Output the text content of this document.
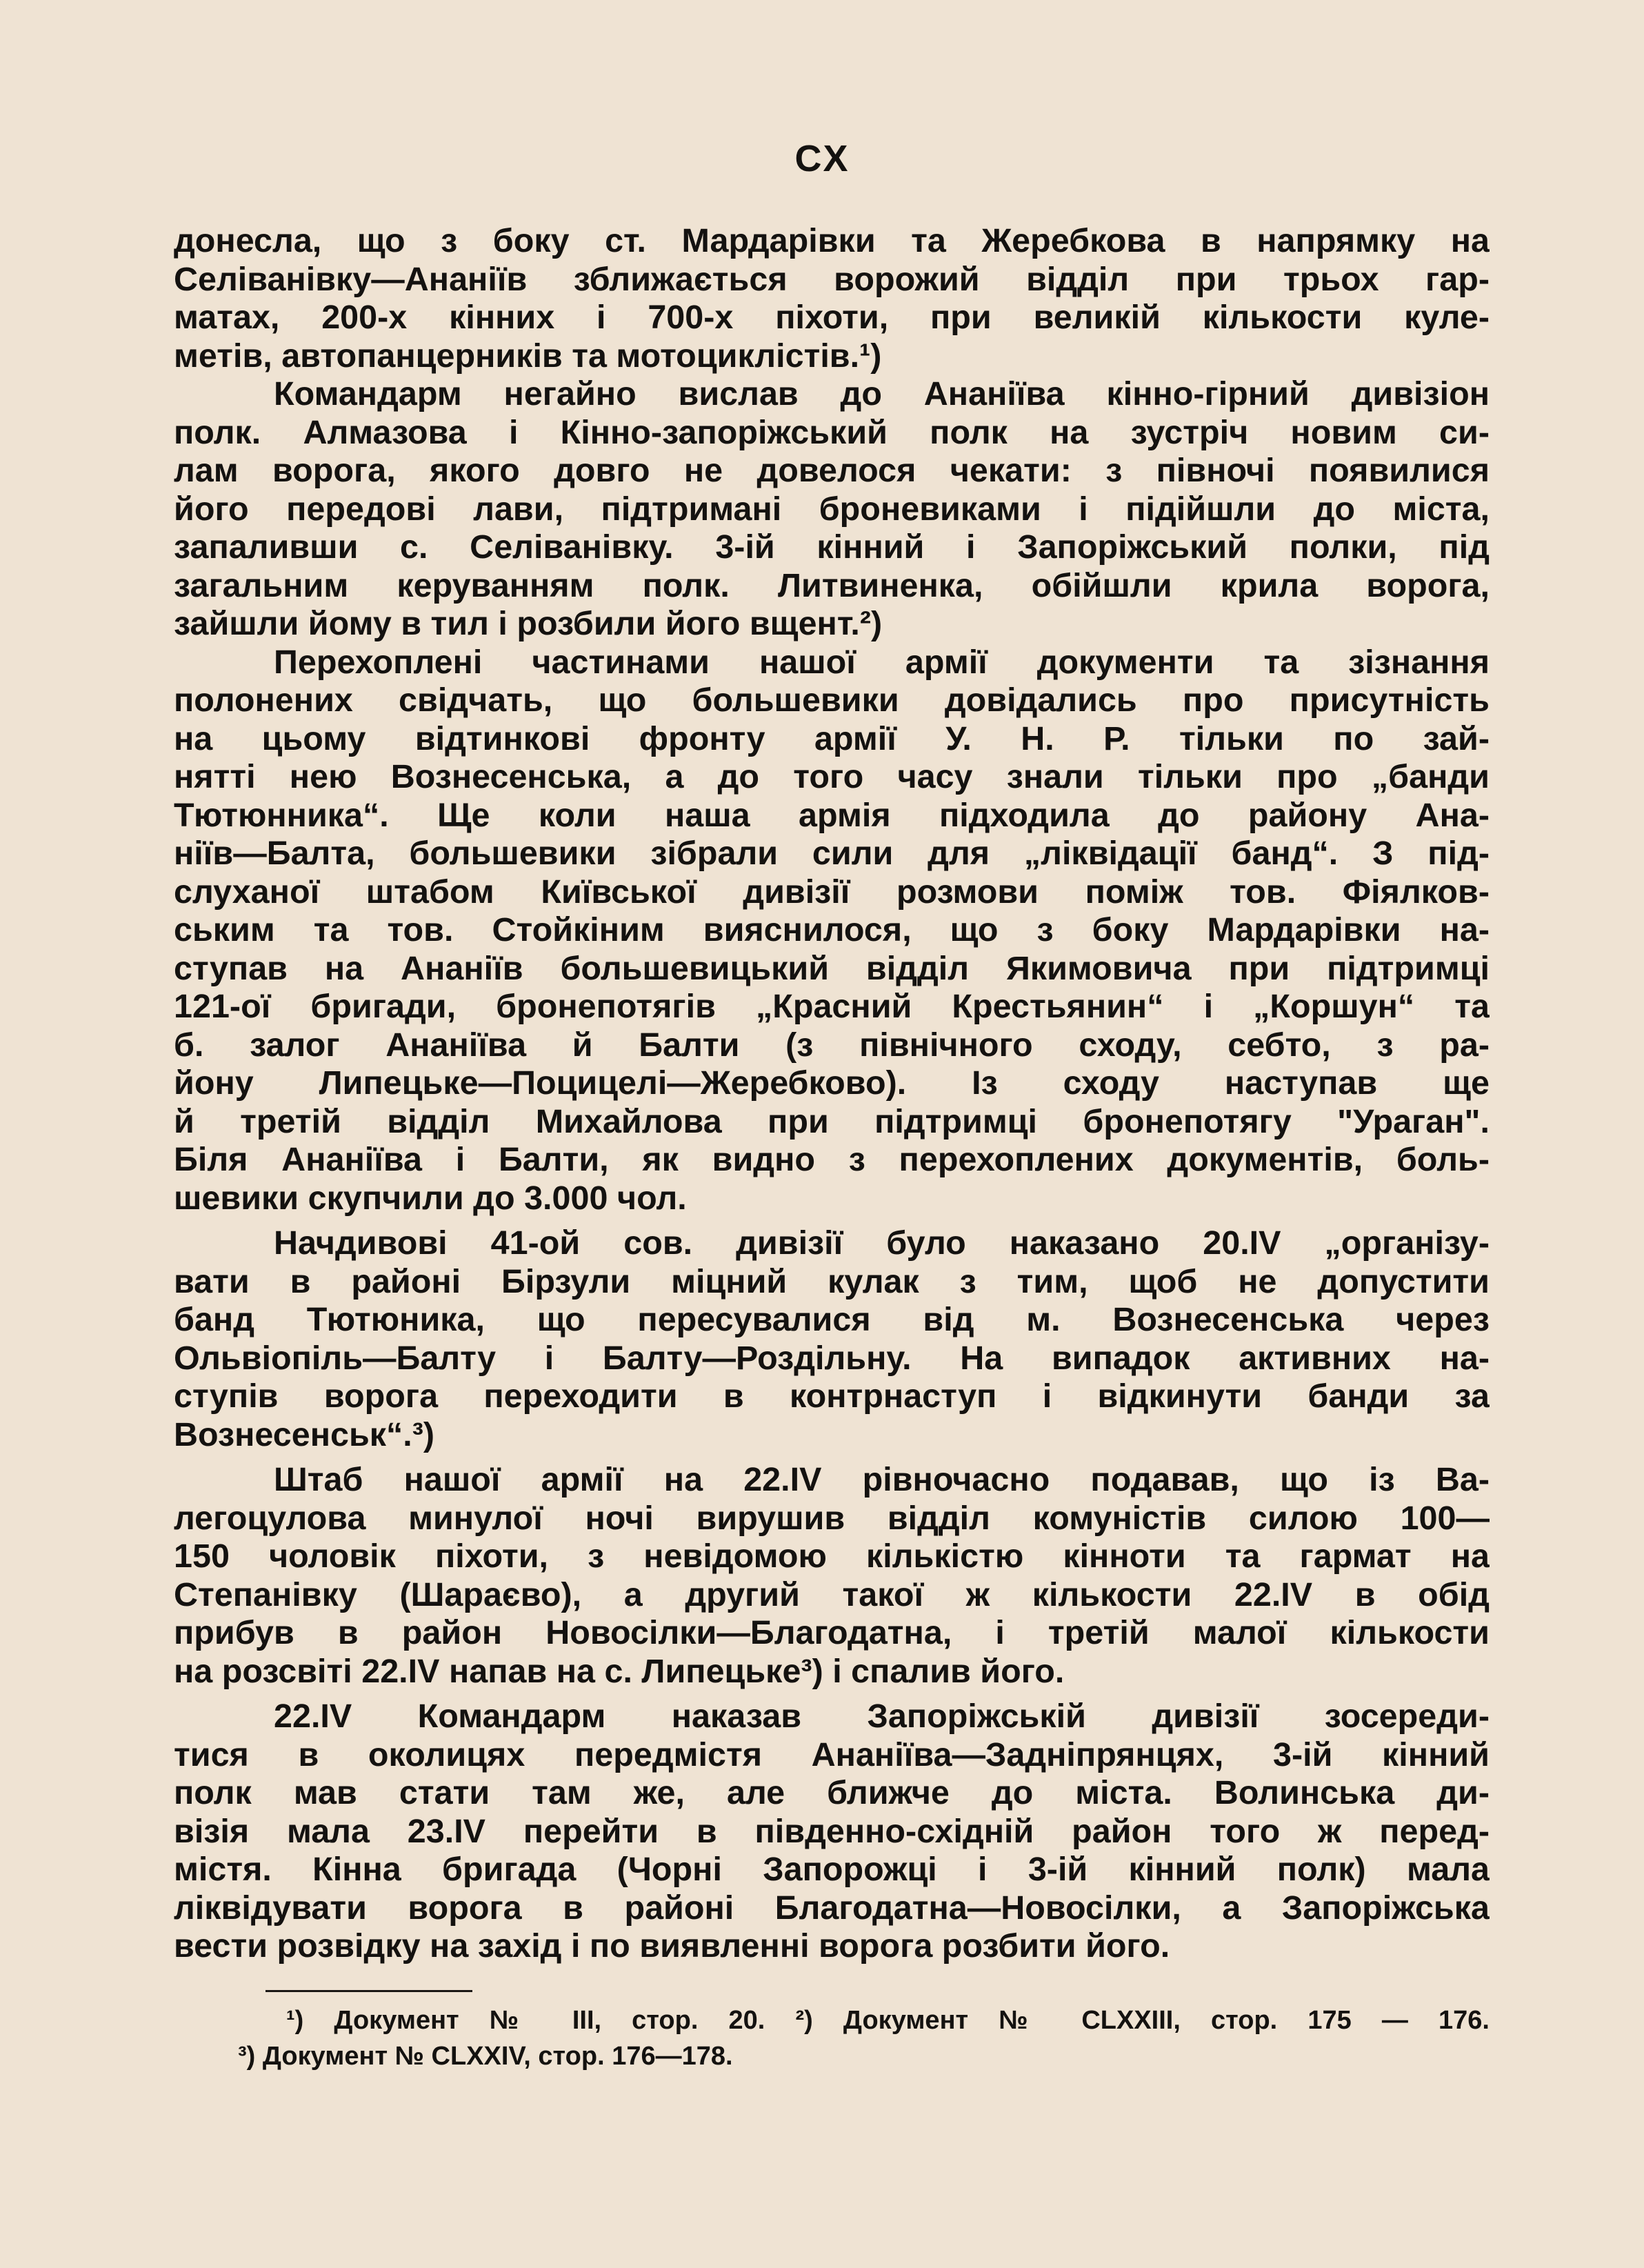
CX
донесла, що з боку ст. Мардарівки та Жеребкова в напрямку на
Селіванівку—Ананіїв зближається ворожий відділ при трьох гар-
матах, 200-х кінних і 700-х піхоти, при великій кількости куле-
метів, автопанцерників та мотоциклістів.¹)
Командарм негайно вислав до Ананіїва кінно-гірний дивізіон
полк. Алмазова і Кінно-запоріжський полк на зустріч новим си-
лам ворога, якого довго не довелося чекати: з півночі появилися
його передові лави, підтримані броневиками і підійшли до міста,
запаливши с. Селіванівку. 3-ій кінний і Запоріжський полки, під
загальним керуванням полк. Литвиненка, обійшли крила ворога,
зайшли йому в тил і розбили його вщент.²)
Перехоплені частинами нашої армії документи та зізнання
полонених свідчать, що большевики довідались про присутність
на цьому відтинкові фронту армії У. Н. Р. тільки по зай-
нятті нею Вознесенська, а до того часу знали тільки про „банди
Тютюнника“. Ще коли наша армія підходила до району Ана-
ніїв—Балта, большевики зібрали сили для „ліквідації банд“. З під-
слуханої штабом Київської дивізії розмови поміж тов. Фіялков-
ським та тов. Стойкіним вияснилося, що з боку Мардарівки на-
ступав на Ананіїв большевицький відділ Якимовича при підтримці
121-ої бригади, бронепотягів „Красний Крестьянин“ і „Коршун“ та
б. залог Ананіїва й Балти (з північного сходу, себто, з ра-
йону Липецьке—Поцицелі—Жеребково). Із сходу наступав ще
й третій відділ Михайлова при підтримці бронепотягу "Ураган".
Біля Ананіїва і Балти, як видно з перехоплених документів, боль-
шевики скупчили до 3.000 чол.
Начдивові 41-ой сов. дивізії було наказано 20.IV „організу-
вати в районі Бірзули міцний кулак з тим, щоб не допустити
банд Тютюника, що пересувалися від м. Вознесенська через
Ольвіопіль—Балту і Балту—Роздільну. На випадок активних на-
ступів ворога переходити в контрнаступ і відкинути банди за
Вознесенськ“.³)
Штаб нашої армії на 22.IV рівночасно подавав, що із Ва-
легоцулова минулої ночі вирушив відділ комуністів силою 100—
150 чоловік піхоти, з невідомою кількістю кінноти та гармат на
Степанівку (Шараєво), а другий такої ж кількости 22.IV в обід
прибув в район Новосілки—Благодатна, і третій малої кількости
на розсвіті 22.IV напав на с. Липецьке³) і спалив його.
22.IV Командарм наказав Запоріжській дивізії зосереди-
тися в околицях передмістя Ананіїва—Задніпрянцях, 3-ій кінний
полк мав стати там же, але ближче до міста. Волинська ди-
візія мала 23.IV перейти в південно-східній район того ж перед-
містя. Кінна бригада (Чорні Запорожці і 3-ій кінний полк) мала
ліквідувати ворога в районі Благодатна—Новосілки, а Запоріжська
вести розвідку на захід і по виявленні ворога розбити його.
¹) Документ № III, стор. 20. ²) Документ № CLXXIII, стор. 175 — 176.
³) Документ № CLXXIV, стор. 176—178.
